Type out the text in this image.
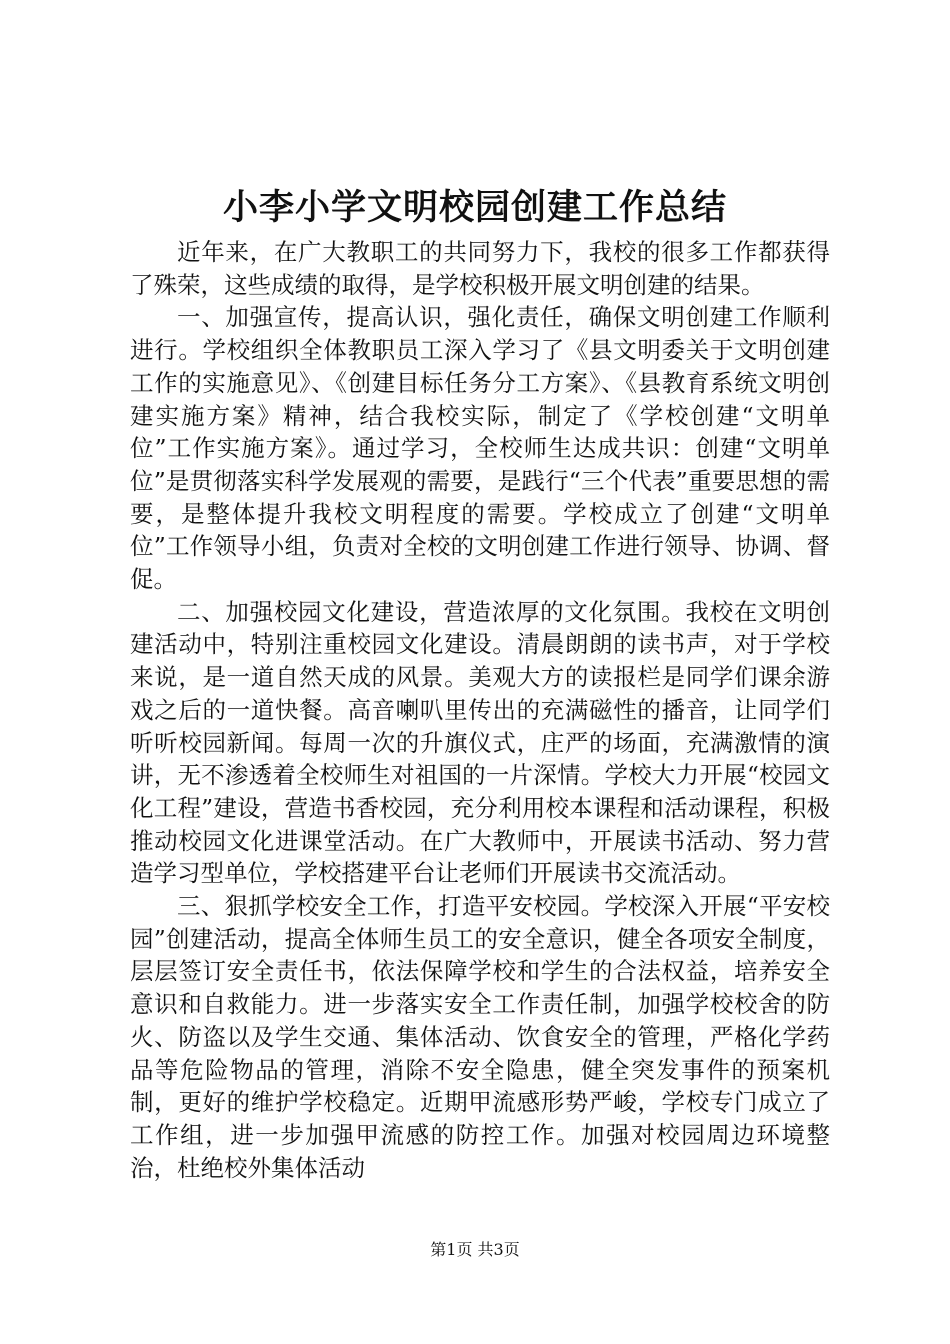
小李小学文明校园创建工作总结

近年来，在广大教职工的共同努力下，我校的很多工作都获得了殊荣，这些成绩的取得，是学校积极开展文明创建的结果。

一、加强宣传，提高认识，强化责任，确保文明创建工作顺利进行。学校组织全体教职员工深入学习了《县文明委关于文明创建工作的实施意见》、《创建目标任务分工方案》、《县教育系统文明创建实施方案》精神，结合我校实际，制定了《学校创建“文明单位”工作实施方案》。通过学习，全校师生达成共识：创建“文明单位”是贯彻落实科学发展观的需要，是践行“三个代表”重要思想的需要，是整体提升我校文明程度的需要。学校成立了创建“文明单位”工作领导小组，负责对全校的文明创建工作进行领导、协调、督促。

二、加强校园文化建设，营造浓厚的文化氛围。我校在文明创建活动中，特别注重校园文化建设。清晨朗朗的读书声，对于学校来说，是一道自然天成的风景。美观大方的读报栏是同学们课余游戏之后的一道快餐。高音喇叭里传出的充满磁性的播音，让同学们听听校园新闻。每周一次的升旗仪式，庄严的场面，充满激情的演讲，无不渗透着全校师生对祖国的一片深情。学校大力开展“校园文化工程”建设，营造书香校园，充分利用校本课程和活动课程，积极推动校园文化进课堂活动。在广大教师中，开展读书活动、努力营造学习型单位，学校搭建平台让老师们开展读书交流活动。

三、狠抓学校安全工作，打造平安校园。学校深入开展“平安校园”创建活动，提高全体师生员工的安全意识，健全各项安全制度，层层签订安全责任书，依法保障学校和学生的合法权益，培养安全意识和自救能力。进一步落实安全工作责任制，加强学校校舍的防火、防盗以及学生交通、集体活动、饮食安全的管理，严格化学药品等危险物品的管理，消除不安全隐患，健全突发事件的预案机制，更好的维护学校稳定。近期甲流感形势严峻，学校专门成立了工作组，进一步加强甲流感的防控工作。加强对校园周边环境整治，杜绝校外集体活动

第1页 共3页
